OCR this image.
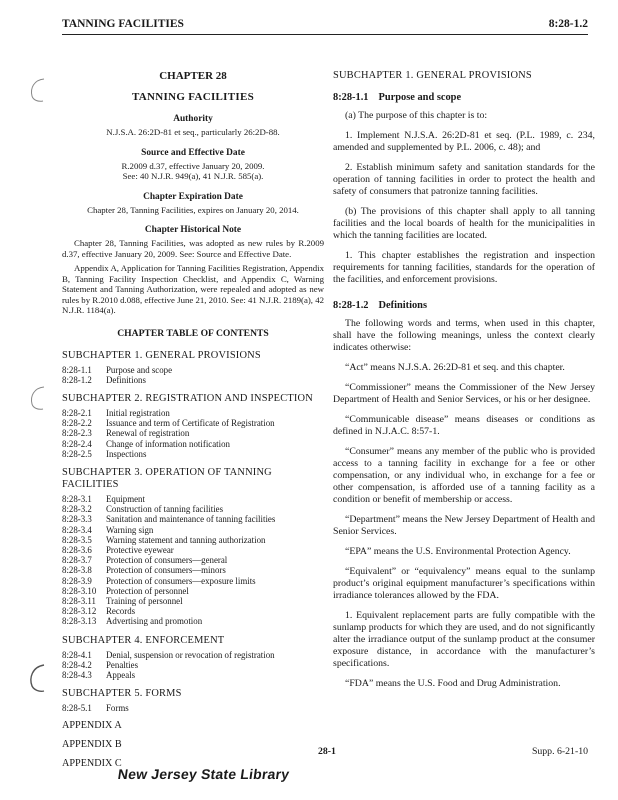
TANNING FACILITIES	8:28-1.2
CHAPTER 28
TANNING FACILITIES
Authority
N.J.S.A. 26:2D-81 et seq., particularly 26:2D-88.
Source and Effective Date
R.2009 d.37, effective January 20, 2009.
See: 40 N.J.R. 949(a), 41 N.J.R. 585(a).
Chapter Expiration Date
Chapter 28, Tanning Facilities, expires on January 20, 2014.
Chapter Historical Note
Chapter 28, Tanning Facilities, was adopted as new rules by R.2009 d.37, effective January 20, 2009. See: Source and Effective Date.
Appendix A, Application for Tanning Facilities Registration, Appendix B, Tanning Facility Inspection Checklist, and Appendix C, Warning Statement and Tanning Authorization, were repealed and adopted as new rules by R.2010 d.088, effective June 21, 2010. See: 41 N.J.R. 2189(a), 42 N.J.R. 1184(a).
CHAPTER TABLE OF CONTENTS
SUBCHAPTER 1. GENERAL PROVISIONS
8:28-1.1	Purpose and scope
8:28-1.2	Definitions
SUBCHAPTER 2. REGISTRATION AND INSPECTION
8:28-2.1	Initial registration
8:28-2.2	Issuance and term of Certificate of Registration
8:28-2.3	Renewal of registration
8:28-2.4	Change of information notification
8:28-2.5	Inspections
SUBCHAPTER 3. OPERATION OF TANNING FACILITIES
8:28-3.1	Equipment
8:28-3.2	Construction of tanning facilities
8:28-3.3	Sanitation and maintenance of tanning facilities
8:28-3.4	Warning sign
8:28-3.5	Warning statement and tanning authorization
8:28-3.6	Protective eyewear
8:28-3.7	Protection of consumers—general
8:28-3.8	Protection of consumers—minors
8:28-3.9	Protection of consumers—exposure limits
8:28-3.10	Protection of personnel
8:28-3.11	Training of personnel
8:28-3.12	Records
8:28-3.13	Advertising and promotion
SUBCHAPTER 4. ENFORCEMENT
8:28-4.1	Denial, suspension or revocation of registration
8:28-4.2	Penalties
8:28-4.3	Appeals
SUBCHAPTER 5. FORMS
8:28-5.1	Forms
APPENDIX A
APPENDIX B
APPENDIX C
SUBCHAPTER 1. GENERAL PROVISIONS
8:28-1.1 Purpose and scope
(a) The purpose of this chapter is to:
1. Implement N.J.S.A. 26:2D-81 et seq. (P.L. 1989, c. 234, amended and supplemented by P.L. 2006, c. 48); and
2. Establish minimum safety and sanitation standards for the operation of tanning facilities in order to protect the health and safety of consumers that patronize tanning facilities.
(b) The provisions of this chapter shall apply to all tanning facilities and the local boards of health for the municipalities in which the tanning facilities are located.
1. This chapter establishes the registration and inspection requirements for tanning facilities, standards for the operation of the facilities, and enforcement provisions.
8:28-1.2 Definitions
The following words and terms, when used in this chapter, shall have the following meanings, unless the context clearly indicates otherwise:
“Act” means N.J.S.A. 26:2D-81 et seq. and this chapter.
“Commissioner” means the Commissioner of the New Jersey Department of Health and Senior Services, or his or her designee.
“Communicable disease” means diseases or conditions as defined in N.J.A.C. 8:57-1.
“Consumer” means any member of the public who is provided access to a tanning facility in exchange for a fee or other compensation, or any individual who, in exchange for a fee or other compensation, is afforded use of a tanning facility as a condition or benefit of membership or access.
“Department” means the New Jersey Department of Health and Senior Services.
“EPA” means the U.S. Environmental Protection Agency.
“Equivalent” or “equivalency” means equal to the sunlamp product’s original equipment manufacturer’s specifications within irradiance tolerances allowed by the FDA.
1. Equivalent replacement parts are fully compatible with the sunlamp products for which they are used, and do not significantly alter the irradiance output of the sunlamp product at the consumer exposure distance, in accordance with the manufacturer’s specifications.
“FDA” means the U.S. Food and Drug Administration.
28-1	Supp. 6-21-10
New Jersey State Library
